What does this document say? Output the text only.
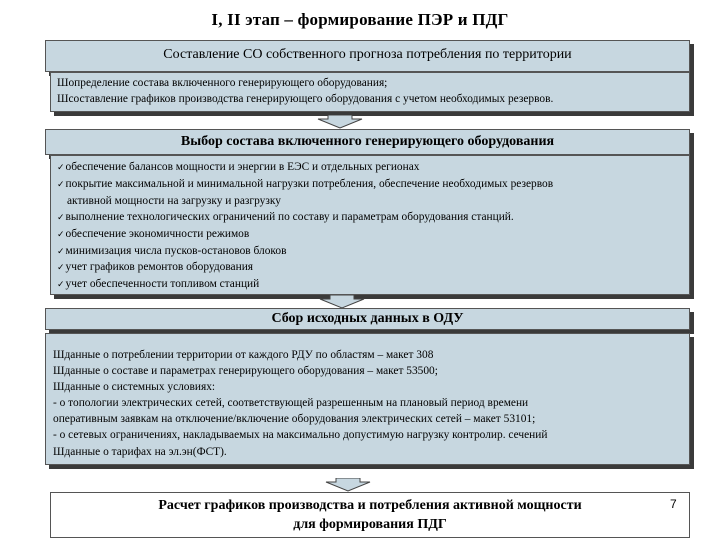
I, II этап – формирование ПЭР и ПДГ
Составление СО собственного прогноза потребления по территории
Шопределение состава включенного генерирующего оборудования;
Шсоставление графиков производства генерирующего оборудования с учетом необходимых резервов.
Выбор состава включенного генерирующего оборудования
✓обеспечение балансов мощности и энергии в ЕЭС и отдельных регионах
✓покрытие максимальной и минимальной нагрузки потребления, обеспечение необходимых резервов
активной мощности на загрузку и разгрузку
✓выполнение технологических ограничений по составу и параметрам оборудования станций.
✓обеспечение экономичности режимов
✓минимизация числа пусков-остановов блоков
✓учет графиков ремонтов оборудования
✓учет обеспеченности топливом станций
Сбор исходных данных в ОДУ
Шданные о потреблении территории от каждого РДУ по областям – макет 308
Шданные о составе и параметрах генерирующего оборудования – макет 53500;
Шданные о системных условиях:
- о топологии электрических сетей, соответствующей разрешенным на плановый период времени
оперативным заявкам на отключение/включение оборудования электрических сетей – макет 53101;
- о сетевых ограничениях, накладываемых на максимально допустимую нагрузку контролир. сечений
Шданные о тарифах на эл.эн(ФСТ).
Расчет графиков производства и потребления активной мощности
для формирования ПДГ
7
